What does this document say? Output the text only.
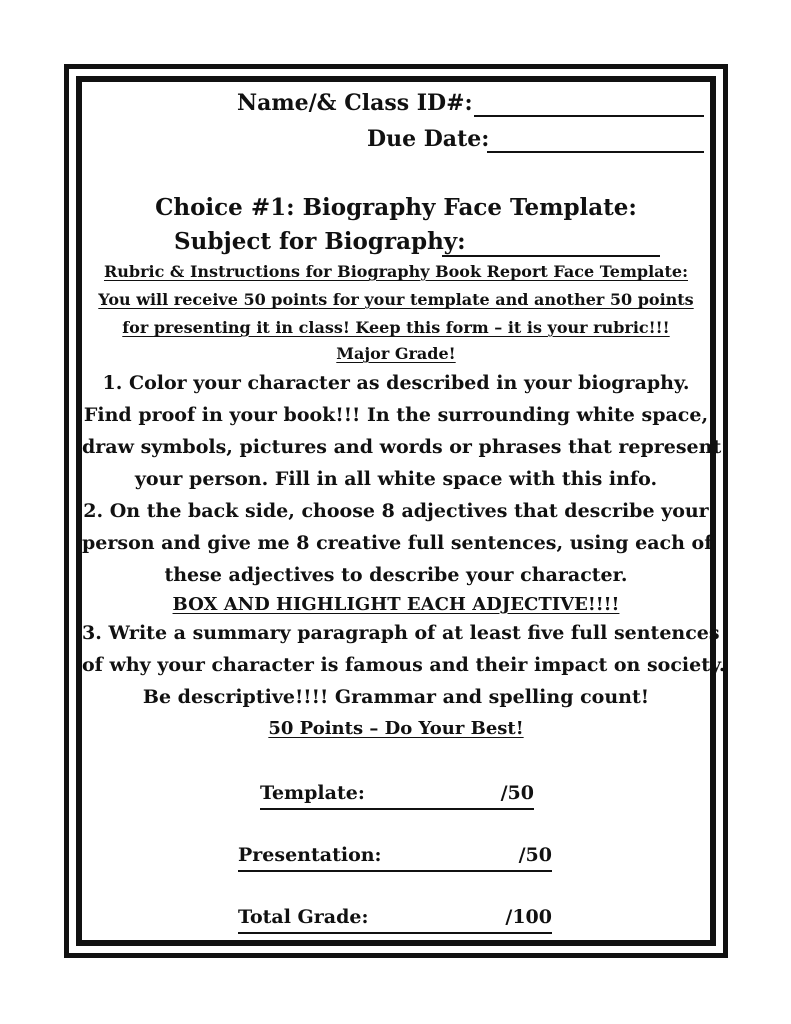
Name/& Class ID#:
Due Date:
Choice #1: Biography Face Template:
Subject for Biography:
Rubric & Instructions for Biography Book Report Face Template:
You will receive 50 points for your template and another 50 points
for presenting it in class! Keep this form – it is your rubric!!!
Major Grade!
1. Color your character as described in your biography.
Find proof in your book!!! In the surrounding white space,
draw symbols, pictures and words or phrases that represent
your person. Fill in all white space with this info.
2. On the back side, choose 8 adjectives that describe your
person and give me 8 creative full sentences, using each of
these adjectives to describe your character.
BOX AND HIGHLIGHT EACH ADJECTIVE!!!!
3. Write a summary paragraph of at least five full sentences
of why your character is famous and their impact on society.
Be descriptive!!!! Grammar and spelling count!
50 Points – Do Your Best!
Template:	/50
Presentation:	/50
Total Grade:	/100
